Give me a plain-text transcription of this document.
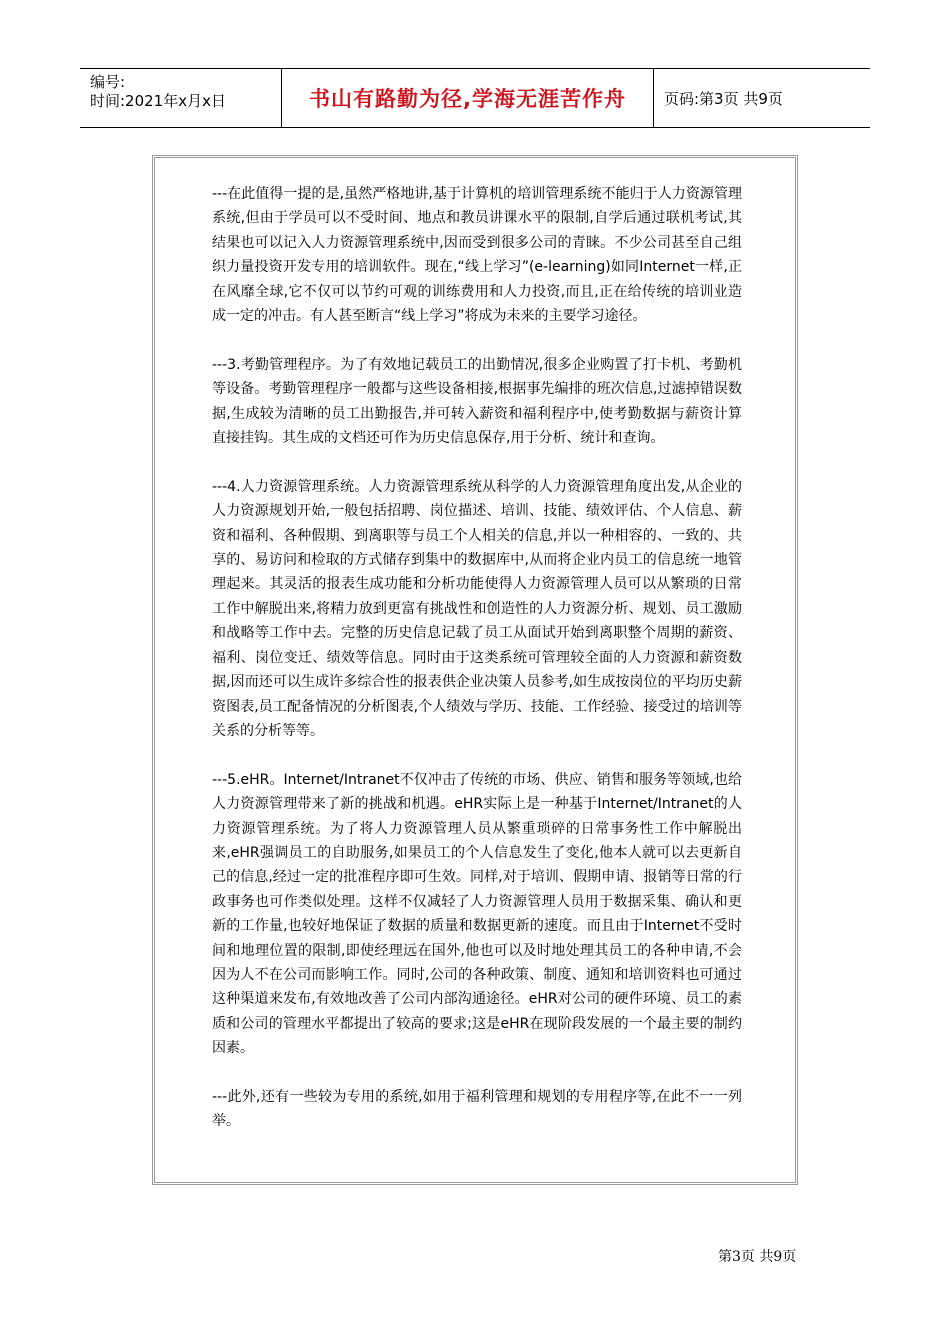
编号:
时间:2021年x月x日	书山有路勤为径,学海无涯苦作舟	页码:第3页 共9页

---在此值得一提的是,虽然严格地讲,基于计算机的培训管理系统不能归于人力资源管理系统,但由于学员可以不受时间、地点和教员讲课水平的限制,自学后通过联机考试,其结果也可以记入人力资源管理系统中,因而受到很多公司的青睐。不少公司甚至自己组织力量投资开发专用的培训软件。现在,“线上学习”(e-learning)如同Internet一样,正在风靡全球,它不仅可以节约可观的训练费用和人力投资,而且,正在给传统的培训业造成一定的冲击。有人甚至断言“线上学习”将成为未来的主要学习途径。

---3.考勤管理程序。为了有效地记载员工的出勤情况,很多企业购置了打卡机、考勤机等设备。考勤管理程序一般都与这些设备相接,根据事先编排的班次信息,过滤掉错误数据,生成较为清晰的员工出勤报告,并可转入薪资和福利程序中,使考勤数据与薪资计算直接挂钩。其生成的文档还可作为历史信息保存,用于分析、统计和查询。

---4.人力资源管理系统。人力资源管理系统从科学的人力资源管理角度出发,从企业的人力资源规划开始,一般包括招聘、岗位描述、培训、技能、绩效评估、个人信息、薪资和福利、各种假期、到离职等与员工个人相关的信息,并以一种相容的、一致的、共享的、易访问和检取的方式储存到集中的数据库中,从而将企业内员工的信息统一地管理起来。其灵活的报表生成功能和分析功能使得人力资源管理人员可以从繁琐的日常工作中解脱出来,将精力放到更富有挑战性和创造性的人力资源分析、规划、员工激励和战略等工作中去。完整的历史信息记载了员工从面试开始到离职整个周期的薪资、福利、岗位变迁、绩效等信息。同时由于这类系统可管理较全面的人力资源和薪资数据,因而还可以生成许多综合性的报表供企业决策人员参考,如生成按岗位的平均历史薪资图表,员工配备情况的分析图表,个人绩效与学历、技能、工作经验、接受过的培训等关系的分析等等。

---5.eHR。Internet/Intranet不仅冲击了传统的市场、供应、销售和服务等领域,也给人力资源管理带来了新的挑战和机遇。eHR实际上是一种基于Internet/Intranet的人力资源管理系统。为了将人力资源管理人员从繁重琐碎的日常事务性工作中解脱出来,eHR强调员工的自助服务,如果员工的个人信息发生了变化,他本人就可以去更新自己的信息,经过一定的批准程序即可生效。同样,对于培训、假期申请、报销等日常的行政事务也可作类似处理。这样不仅减轻了人力资源管理人员用于数据采集、确认和更新的工作量,也较好地保证了数据的质量和数据更新的速度。而且由于Internet不受时间和地理位置的限制,即使经理远在国外,他也可以及时地处理其员工的各种申请,不会因为人不在公司而影响工作。同时,公司的各种政策、制度、通知和培训资料也可通过这种渠道来发布,有效地改善了公司内部沟通途径。eHR对公司的硬件环境、员工的素质和公司的管理水平都提出了较高的要求;这是eHR在现阶段发展的一个最主要的制约因素。

---此外,还有一些较为专用的系统,如用于福利管理和规划的专用程序等,在此不一一列举。

第3页 共9页
